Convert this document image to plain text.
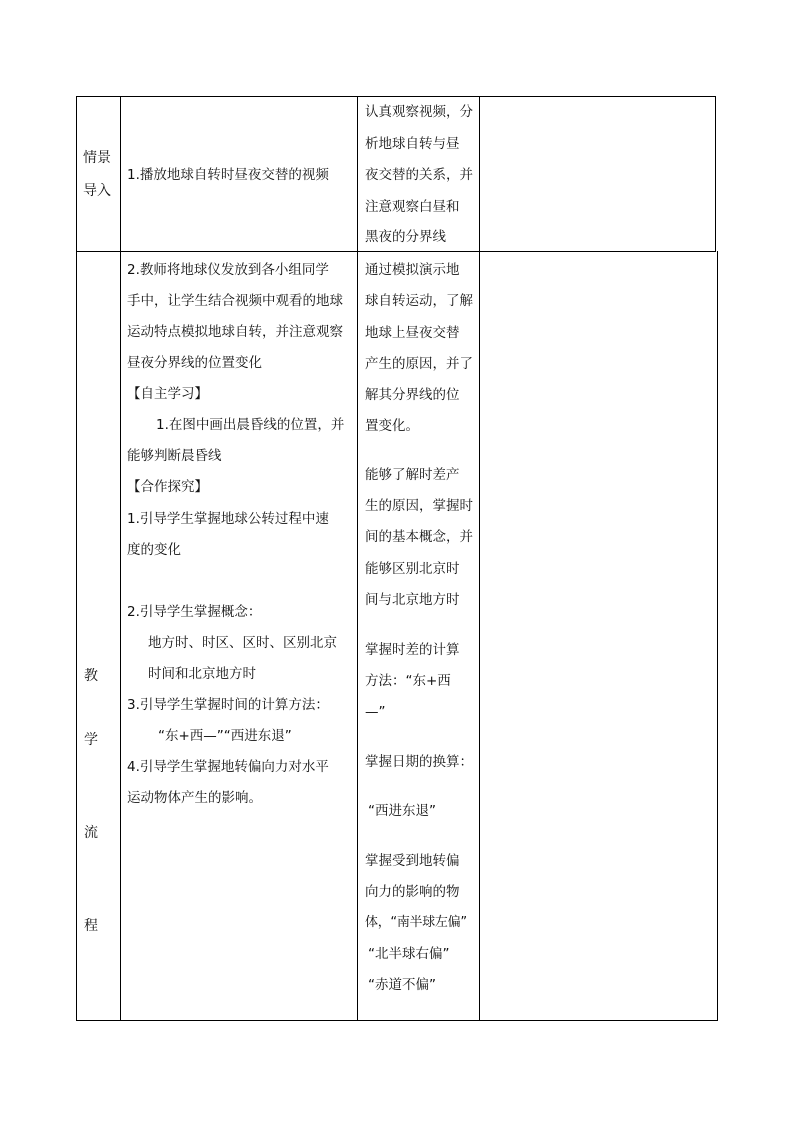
情景
导入
1.播放地球自转时昼夜交替的视频
认真观察视频，分
析地球自转与昼
夜交替的关系，并
注意观察白昼和
黑夜的分界线
教
学
流
程
2.教师将地球仪发放到各小组同学
手中，让学生结合视频中观看的地球
运动特点模拟地球自转，并注意观察
昼夜分界线的位置变化
【自主学习】
1.在图中画出晨昏线的位置，并
能够判断晨昏线
【合作探究】
1.引导学生掌握地球公转过程中速
度的变化
2.引导学生掌握概念：
地方时、时区、区时、区别北京
时间和北京地方时
3.引导学生掌握时间的计算方法：
“东+西—”“西进东退”
4.引导学生掌握地转偏向力对水平
运动物体产生的影响。
通过模拟演示地
球自转运动，了解
地球上昼夜交替
产生的原因，并了
解其分界线的位
置变化。
能够了解时差产
生的原因，掌握时
间的基本概念，并
能够区别北京时
间与北京地方时
掌握时差的计算
方法：“东+西
—”
掌握日期的换算：
“西进东退”
掌握受到地转偏
向力的影响的物
体，“南半球左偏”
“北半球右偏”
“赤道不偏”
